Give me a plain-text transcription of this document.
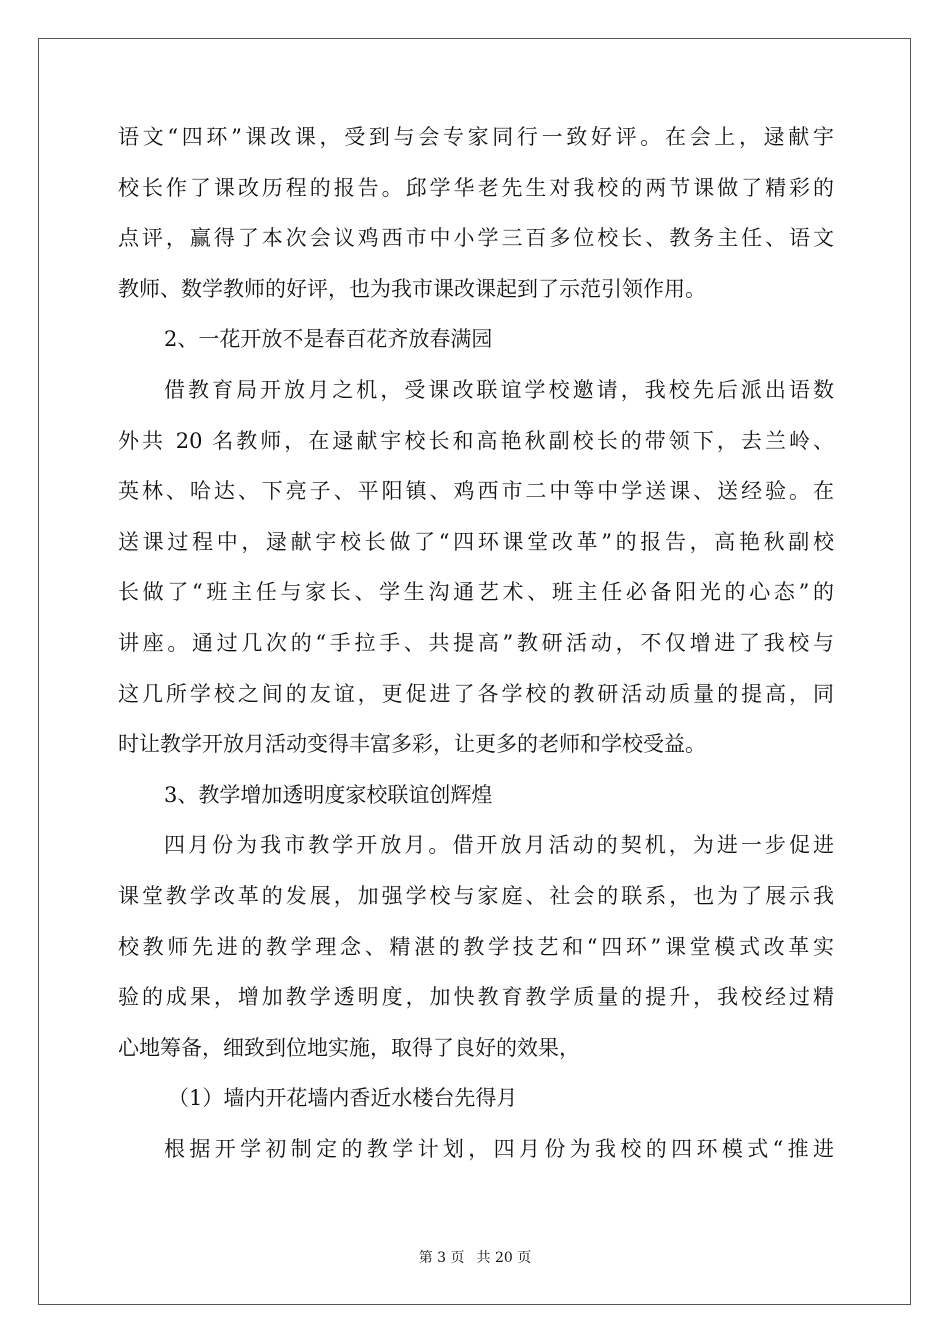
语文“四环”课改课，受到与会专家同行一致好评。在会上，逯献宇
校长作了课改历程的报告。邱学华老先生对我校的两节课做了精彩的
点评，赢得了本次会议鸡西市中小学三百多位校长、教务主任、语文
教师、数学教师的好评，也为我市课改课起到了示范引领作用。
2、一花开放不是春百花齐放春满园
借教育局开放月之机，受课改联谊学校邀请，我校先后派出语数
外共 20 名教师，在逯献宇校长和高艳秋副校长的带领下，去兰岭、
英林、哈达、下亮子、平阳镇、鸡西市二中等中学送课、送经验。在
送课过程中，逯献宇校长做了“四环课堂改革”的报告，高艳秋副校
长做了“班主任与家长、学生沟通艺术、班主任必备阳光的心态”的
讲座。通过几次的“手拉手、共提高”教研活动，不仅增进了我校与
这几所学校之间的友谊，更促进了各学校的教研活动质量的提高，同
时让教学开放月活动变得丰富多彩，让更多的老师和学校受益。
3、教学增加透明度家校联谊创辉煌
四月份为我市教学开放月。借开放月活动的契机，为进一步促进
课堂教学改革的发展，加强学校与家庭、社会的联系，也为了展示我
校教师先进的教学理念、精湛的教学技艺和“四环”课堂模式改革实
验的成果，增加教学透明度，加快教育教学质量的提升，我校经过精
心地筹备，细致到位地实施，取得了良好的效果，
（1）墙内开花墙内香近水楼台先得月
根据开学初制定的教学计划，四月份为我校的四环模式“推进
第 3 页 共 20 页
